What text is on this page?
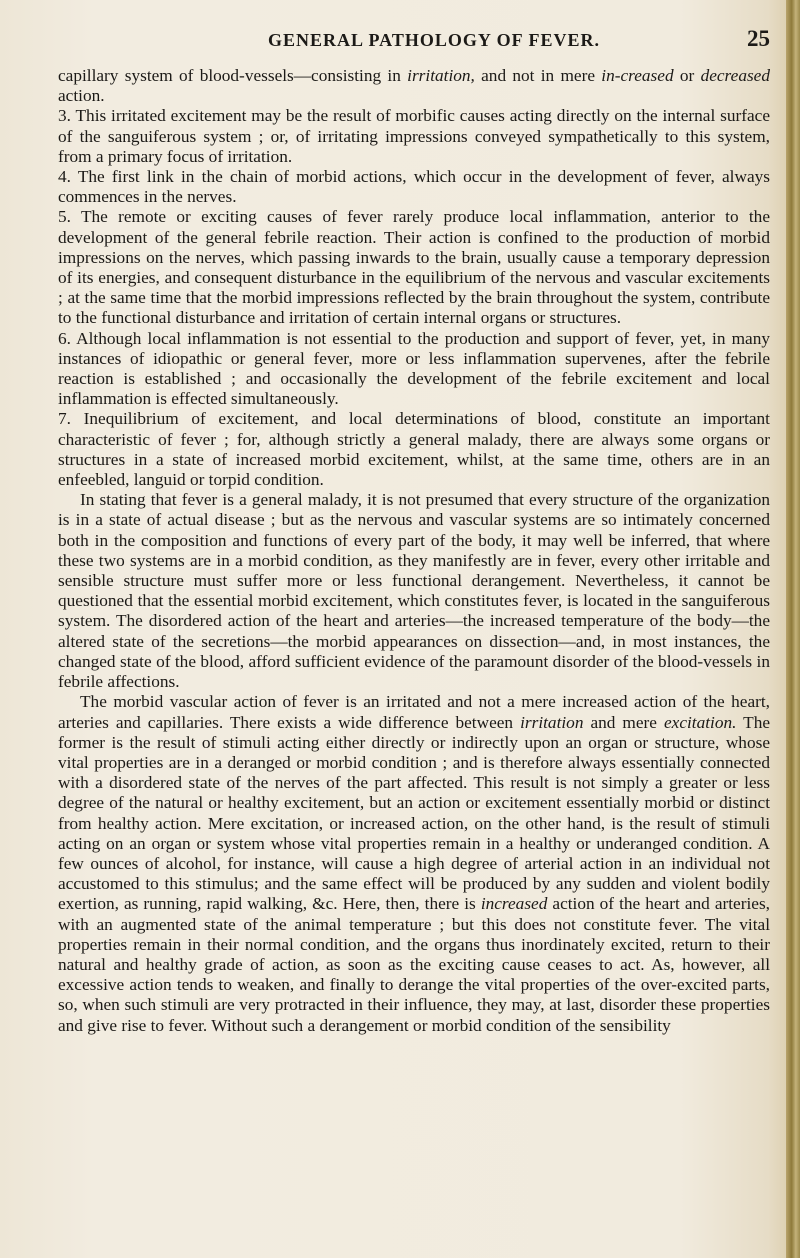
GENERAL PATHOLOGY OF FEVER.	25

capillary system of blood-vessels—consisting in irritation, and not in mere in-creased or decreased action.

3. This irritated excitement may be the result of morbific causes acting directly on the internal surface of the sanguiferous system ; or, of irritating impressions conveyed sympathetically to this system, from a primary focus of irritation.

4. The first link in the chain of morbid actions, which occur in the development of fever, always commences in the nerves.

5. The remote or exciting causes of fever rarely produce local inflammation, anterior to the development of the general febrile reaction. Their action is confined to the production of morbid impressions on the nerves, which passing inwards to the brain, usually cause a temporary depression of its energies, and consequent disturbance in the equilibrium of the nervous and vascular excitements ; at the same time that the morbid impressions reflected by the brain throughout the system, contribute to the functional disturbance and irritation of certain internal organs or structures.

6. Although local inflammation is not essential to the production and support of fever, yet, in many instances of idiopathic or general fever, more or less inflammation supervenes, after the febrile reaction is established ; and occasionally the development of the febrile excitement and local inflammation is effected simultaneously.

7. Inequilibrium of excitement, and local determinations of blood, constitute an important characteristic of fever ; for, although strictly a general malady, there are always some organs or structures in a state of increased morbid excitement, whilst, at the same time, others are in an enfeebled, languid or torpid condition.

In stating that fever is a general malady, it is not presumed that every structure of the organization is in a state of actual disease ; but as the nervous and vascular systems are so intimately concerned both in the composition and functions of every part of the body, it may well be inferred, that where these two systems are in a morbid condition, as they manifestly are in fever, every other irritable and sensible structure must suffer more or less functional derangement. Nevertheless, it cannot be questioned that the essential morbid excitement, which constitutes fever, is located in the sanguiferous system. The disordered action of the heart and arteries—the increased temperature of the body—the altered state of the secretions—the morbid appearances on dissection—and, in most instances, the changed state of the blood, afford sufficient evidence of the paramount disorder of the blood-vessels in febrile affections.

The morbid vascular action of fever is an irritated and not a mere increased action of the heart, arteries and capillaries. There exists a wide difference between irritation and mere excitation. The former is the result of stimuli acting either directly or indirectly upon an organ or structure, whose vital properties are in a deranged or morbid condition ; and is therefore always essentially connected with a disordered state of the nerves of the part affected. This result is not simply a greater or less degree of the natural or healthy excitement, but an action or excitement essentially morbid or distinct from healthy action. Mere excitation, or increased action, on the other hand, is the result of stimuli acting on an organ or system whose vital properties remain in a healthy or underanged condition. A few ounces of alcohol, for instance, will cause a high degree of arterial action in an individual not accustomed to this stimulus; and the same effect will be produced by any sudden and violent bodily exertion, as running, rapid walking, &c. Here, then, there is increased action of the heart and arteries, with an augmented state of the animal temperature ; but this does not constitute fever. The vital properties remain in their normal condition, and the organs thus inordinately excited, return to their natural and healthy grade of action, as soon as the exciting cause ceases to act. As, however, all excessive action tends to weaken, and finally to derange the vital properties of the over-excited parts, so, when such stimuli are very protracted in their influence, they may, at last, disorder these properties and give rise to fever. Without such a derangement or morbid condition of the sensibility
